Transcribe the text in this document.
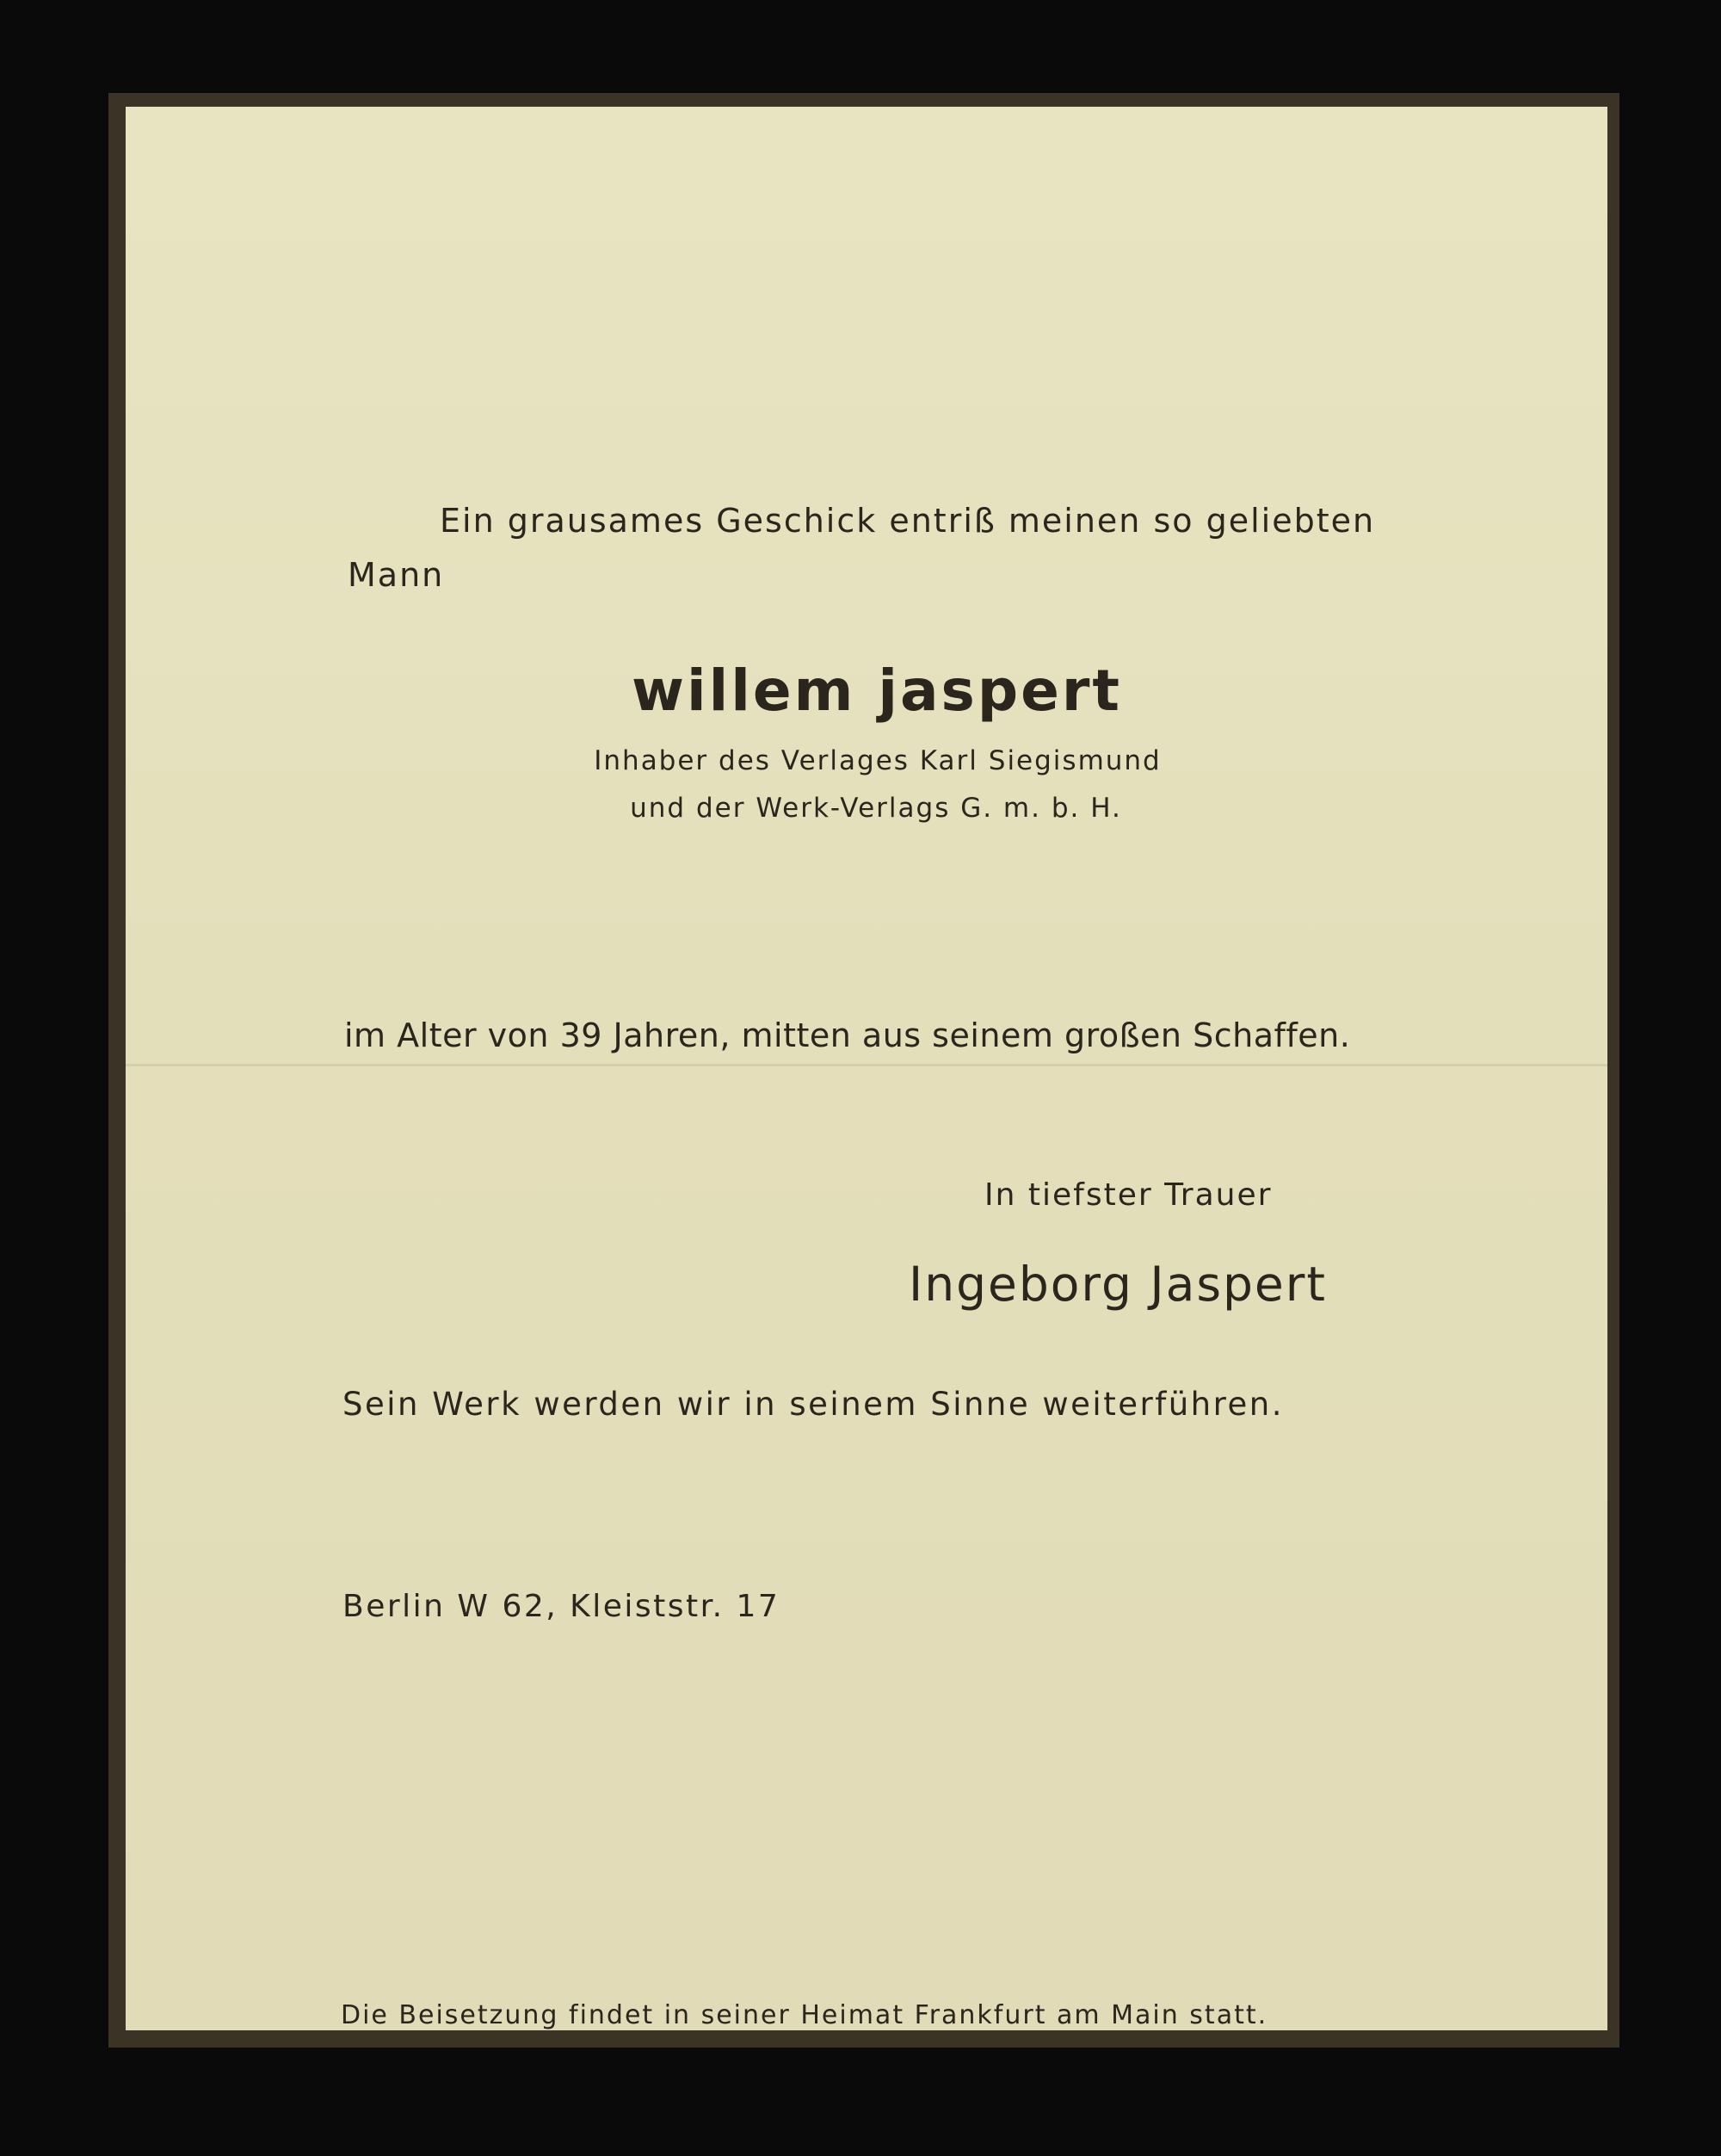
Ein grausames Geschick entriß meinen so geliebten

Mann

willem jaspert

Inhaber des Verlages Karl Siegismund

und der Werk-Verlags G. m. b. H.

im Alter von 39 Jahren, mitten aus seinem großen Schaffen.

In tiefster Trauer

Ingeborg Jaspert

Sein Werk werden wir in seinem Sinne weiterführen.

Berlin W 62, Kleiststr. 17

Die Beisetzung findet in seiner Heimat Frankfurt am Main statt.
